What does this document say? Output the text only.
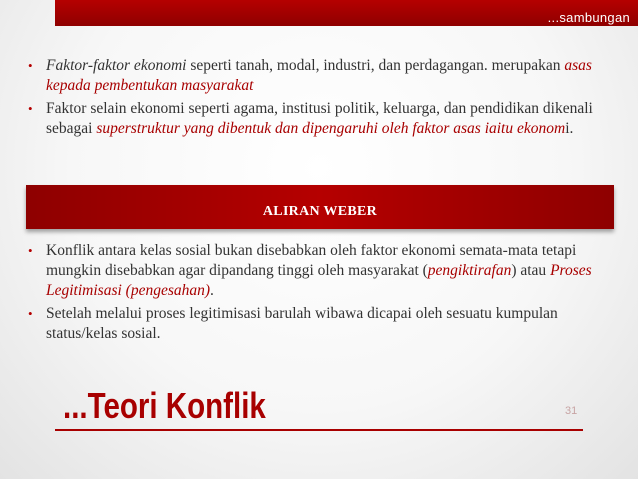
...sambungan
• Faktor-faktor ekonomi seperti tanah, modal, industri, dan perdagangan. merupakan asas kepada pembentukan masyarakat
• Faktor selain ekonomi seperti agama, institusi politik, keluarga, dan pendidikan dikenali sebagai superstruktur yang dibentuk dan dipengaruhi oleh faktor asas iaitu ekonomi.
ALIRAN WEBER
• Konflik antara kelas sosial bukan disebabkan oleh faktor ekonomi semata-mata tetapi mungkin disebabkan agar dipandang tinggi oleh masyarakat (pengiktirafan) atau Proses Legitimisasi (pengesahan).
• Setelah melalui proses legitimisasi barulah wibawa dicapai oleh sesuatu kumpulan status/kelas sosial.
...Teori Konflik	31
